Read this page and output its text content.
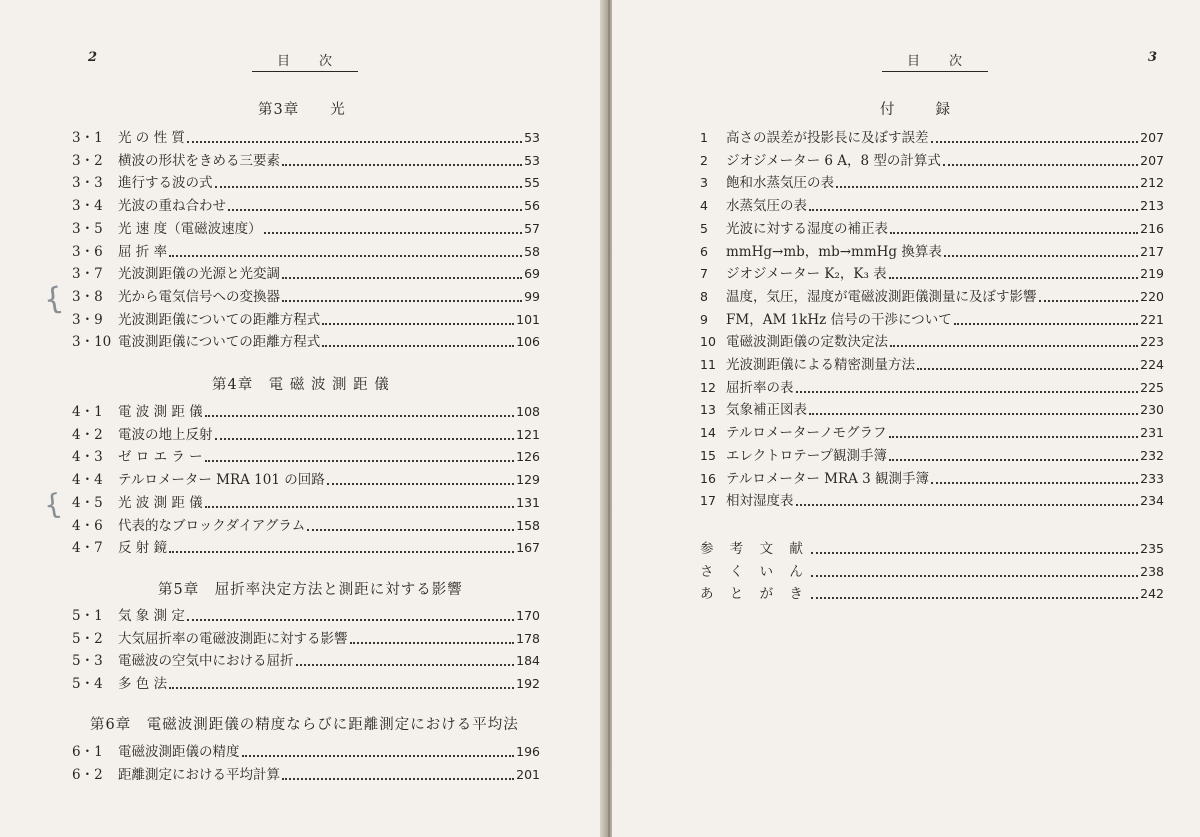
2	目　　次
第3章　　光
3・1	光 の 性 質	53
3・2	横波の形状をきめる三要素	53
3・3	進行する波の式	55
3・4	光波の重ね合わせ	56
3・5	光 速 度（電磁波速度）	57
3・6	屈 折 率	58
3・7	光波測距儀の光源と光変調	69
3・8	光から電気信号への変換器	99
3・9	光波測距儀についての距離方程式	101
3・10 電波測距儀についての距離方程式	106
第4章　電 磁 波 測 距 儀
4・1	電 波 測 距 儀	108
4・2	電波の地上反射	121
4・3	ゼ ロ エ ラ ー	126
4・4	テルロメーター MRA 101 の回路	129
4・5	光 波 測 距 儀	131
4・6	代表的なブロックダイアグラム	158
4・7	反 射 鏡	167
第5章　屈折率決定方法と測距に対する影響
5・1	気 象 測 定	170
5・2	大気屈折率の電磁波測距に対する影響	178
5・3	電磁波の空気中における屈折	184
5・4	多 色 法	192
第6章　電磁波測距儀の精度ならびに距離測定における平均法
6・1	電磁波測距儀の精度	196
6・2	距離測定における平均計算	201
{
{
目　　次	3
付　　録
1	高さの誤差が投影長に及ぼす誤差	207
2	ジオジメーター 6 A，8 型の計算式	207
3	飽和水蒸気圧の表	212
4	水蒸気圧の表	213
5	光波に対する湿度の補正表	216
6	mmHg→mb，mb→mmHg 換算表	217
7	ジオジメーター K₂，K₃ 表	219
8	温度，気圧，湿度が電磁波測距儀測量に及ぼす影響	220
9	FM，AM 1kHz 信号の干渉について	221
10 電磁波測距儀の定数決定法	223
11 光波測距儀による精密測量方法	224
12 屈折率の表	225
13 気象補正図表	230
14 テルロメーターノモグラフ	231
15 エレクトロテープ観測手簿	232
16 テルロメーター MRA 3 観測手簿	233
17 相対湿度表	234
参 考 文 献	235
さ く い ん	238
あ と が き	242
